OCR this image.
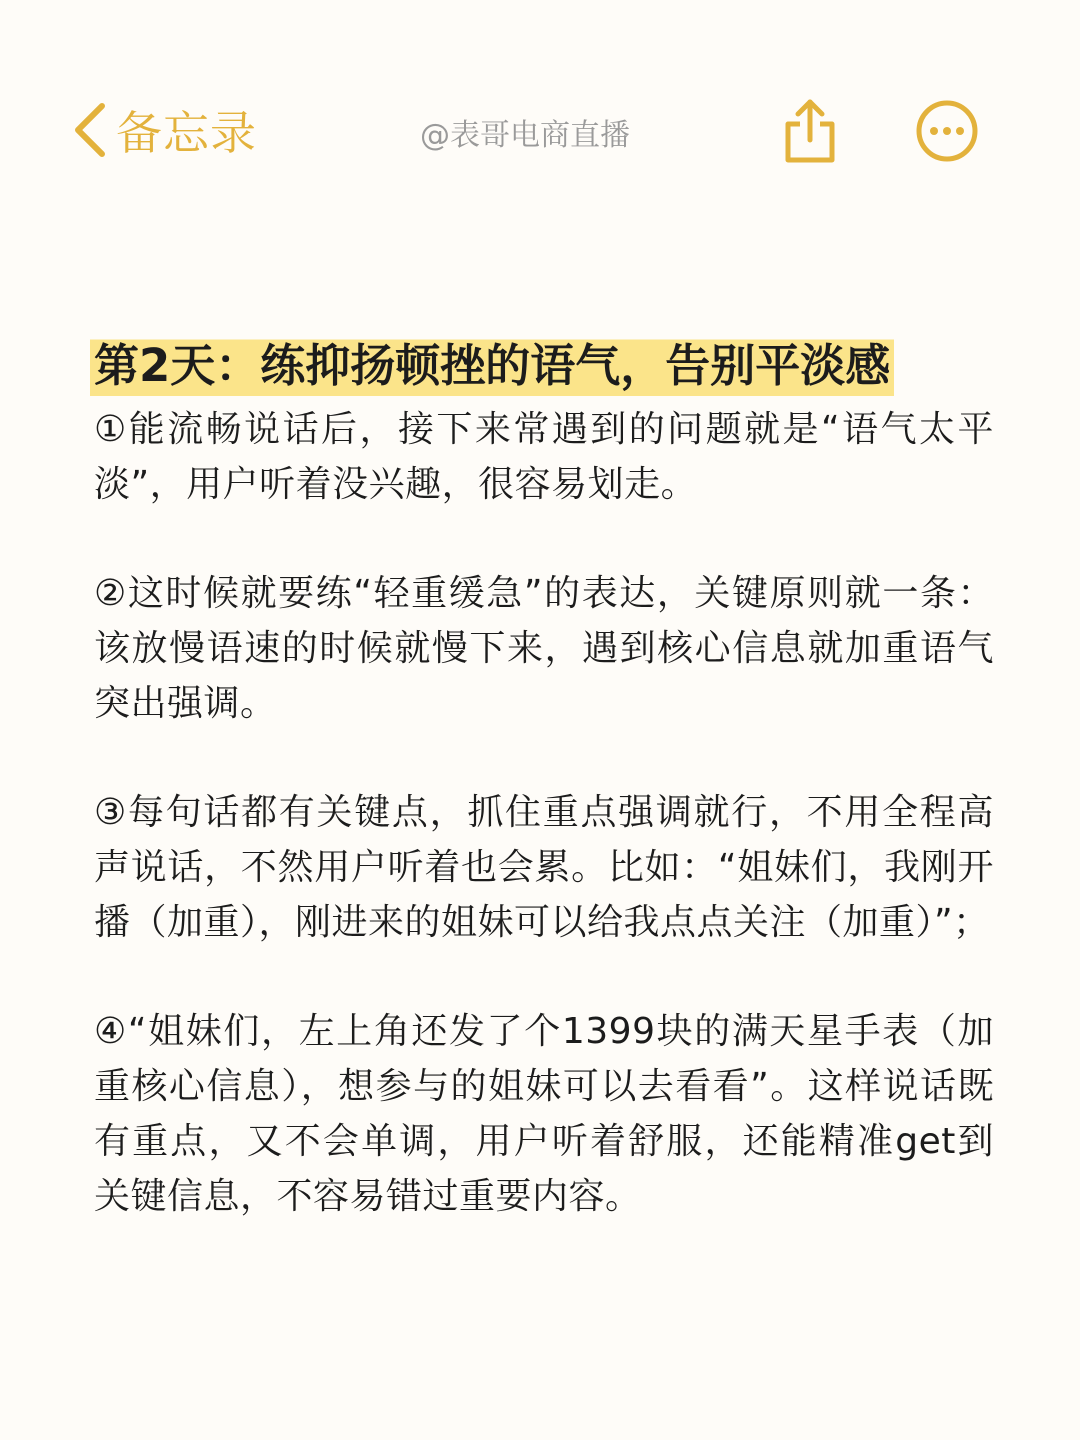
备忘录	@表哥电商直播
第2天：练抑扬顿挫的语气，告别平淡感

①能流畅说话后，接下来常遇到的问题就是“语气太平淡”，用户听着没兴趣，很容易划走。

②这时候就要练“轻重缓急”的表达，关键原则就一条：该放慢语速的时候就慢下来，遇到核心信息就加重语气突出强调。

③每句话都有关键点，抓住重点强调就行，不用全程高声说话，不然用户听着也会累。比如：“姐妹们，我刚开播（加重），刚进来的姐妹可以给我点点关注（加重）”；

④“姐妹们，左上角还发了个1399块的满天星手表（加重核心信息），想参与的姐妹可以去看看”。这样说话既有重点，又不会单调，用户听着舒服，还能精准get到关键信息，不容易错过重要内容。
